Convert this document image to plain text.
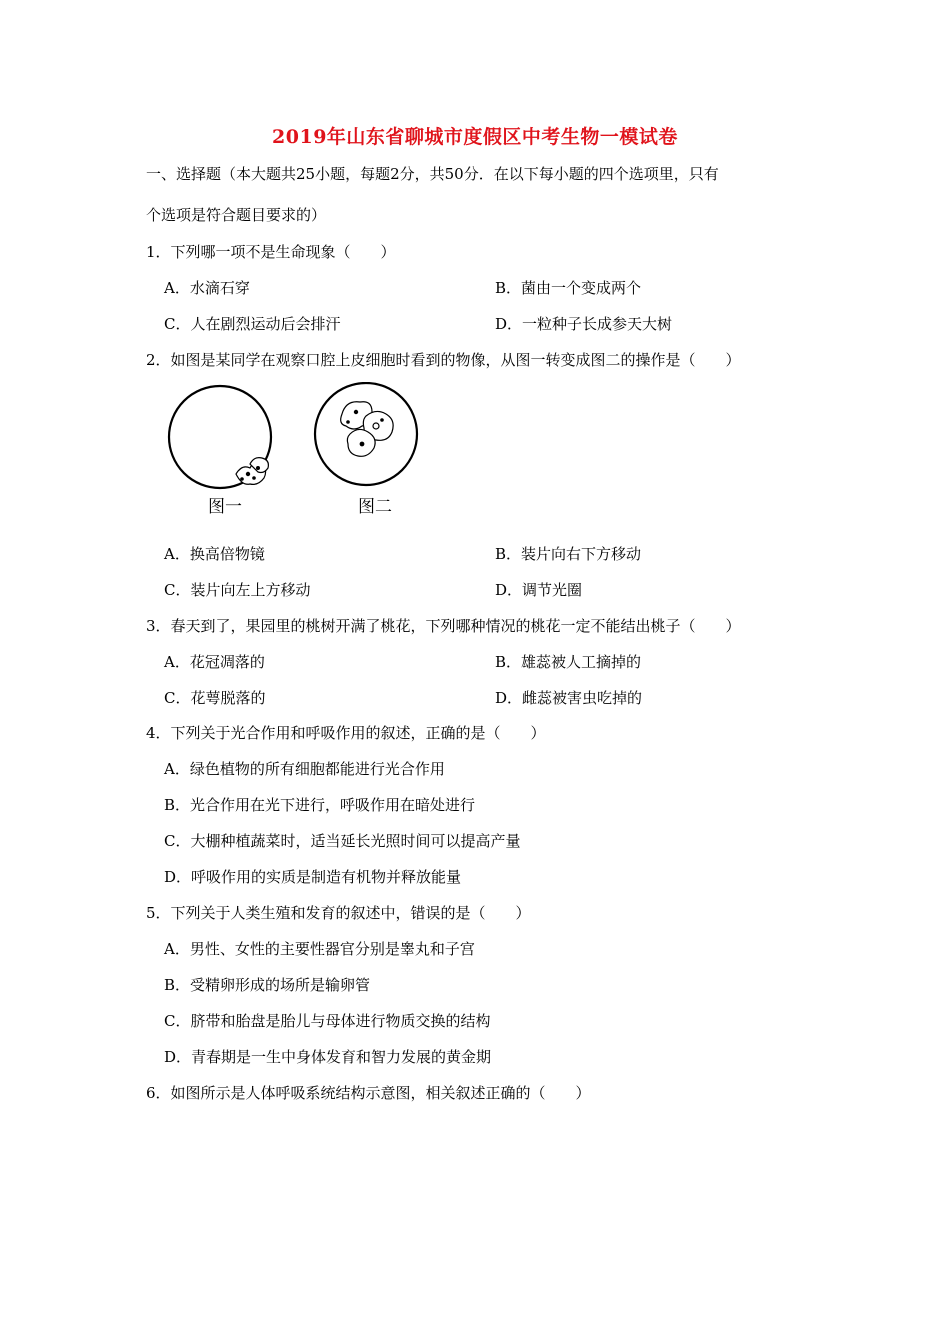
2019年山东省聊城市度假区中考生物一模试卷
一、选择题（本大题共25小题，每题2分，共50分．在以下每小题的四个选项里，只有
个选项是符合题目要求的）
1．下列哪一项不是生命现象（　　）
A．水滴石穿	B．菌由一个变成两个
C．人在剧烈运动后会排汗	D．一粒种子长成参天大树
2．如图是某同学在观察口腔上皮细胞时看到的物像，从图一转变成图二的操作是（　　）
图一	图二
A．换高倍物镜	B．装片向右下方移动
C．装片向左上方移动	D．调节光圈
3．春天到了，果园里的桃树开满了桃花，下列哪种情况的桃花一定不能结出桃子（　　）
A．花冠凋落的	B．雄蕊被人工摘掉的
C．花萼脱落的	D．雌蕊被害虫吃掉的
4．下列关于光合作用和呼吸作用的叙述，正确的是（　　）
A．绿色植物的所有细胞都能进行光合作用
B．光合作用在光下进行，呼吸作用在暗处进行
C．大棚种植蔬菜时，适当延长光照时间可以提高产量
D．呼吸作用的实质是制造有机物并释放能量
5．下列关于人类生殖和发育的叙述中，错误的是（　　）
A．男性、女性的主要性器官分别是睾丸和子宫
B．受精卵形成的场所是输卵管
C．脐带和胎盘是胎儿与母体进行物质交换的结构
D．青春期是一生中身体发育和智力发展的黄金期
6．如图所示是人体呼吸系统结构示意图，相关叙述正确的（　　）
